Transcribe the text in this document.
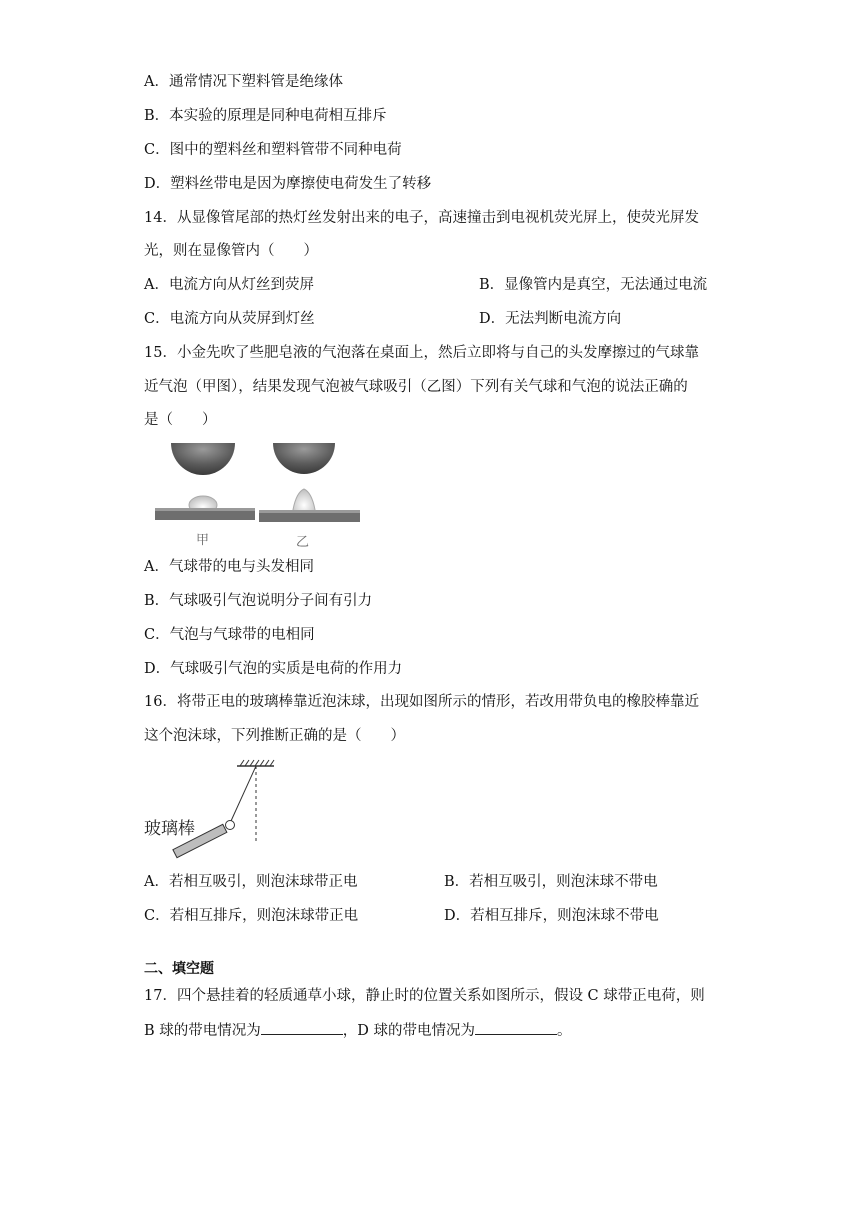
A．通常情况下塑料管是绝缘体
B．本实验的原理是同种电荷相互排斥
C．图中的塑料丝和塑料管带不同种电荷
D．塑料丝带电是因为摩擦使电荷发生了转移
14．从显像管尾部的热灯丝发射出来的电子，高速撞击到电视机荧光屏上，使荧光屏发
光，则在显像管内（　　）
A．电流方向从灯丝到荧屏	B．显像管内是真空，无法通过电流
C．电流方向从荧屏到灯丝	D．无法判断电流方向
15．小金先吹了些肥皂液的气泡落在桌面上，然后立即将与自己的头发摩擦过的气球靠
近气泡（甲图），结果发现气泡被气球吸引（乙图）下列有关气球和气泡的说法正确的
是（　　）
甲	乙
A．气球带的电与头发相同
B．气球吸引气泡说明分子间有引力
C．气泡与气球带的电相同
D．气球吸引气泡的实质是电荷的作用力
16．将带正电的玻璃棒靠近泡沫球，出现如图所示的情形，若改用带负电的橡胶棒靠近
这个泡沫球，下列推断正确的是（　　）
玻璃棒
A．若相互吸引，则泡沫球带正电	B．若相互吸引，则泡沫球不带电
C．若相互排斥，则泡沫球带正电	D．若相互排斥，则泡沫球不带电
二、填空题
17．四个悬挂着的轻质通草小球，静止时的位置关系如图所示，假设 C 球带正电荷，则
B 球的带电情况为	，D 球的带电情况为	。
